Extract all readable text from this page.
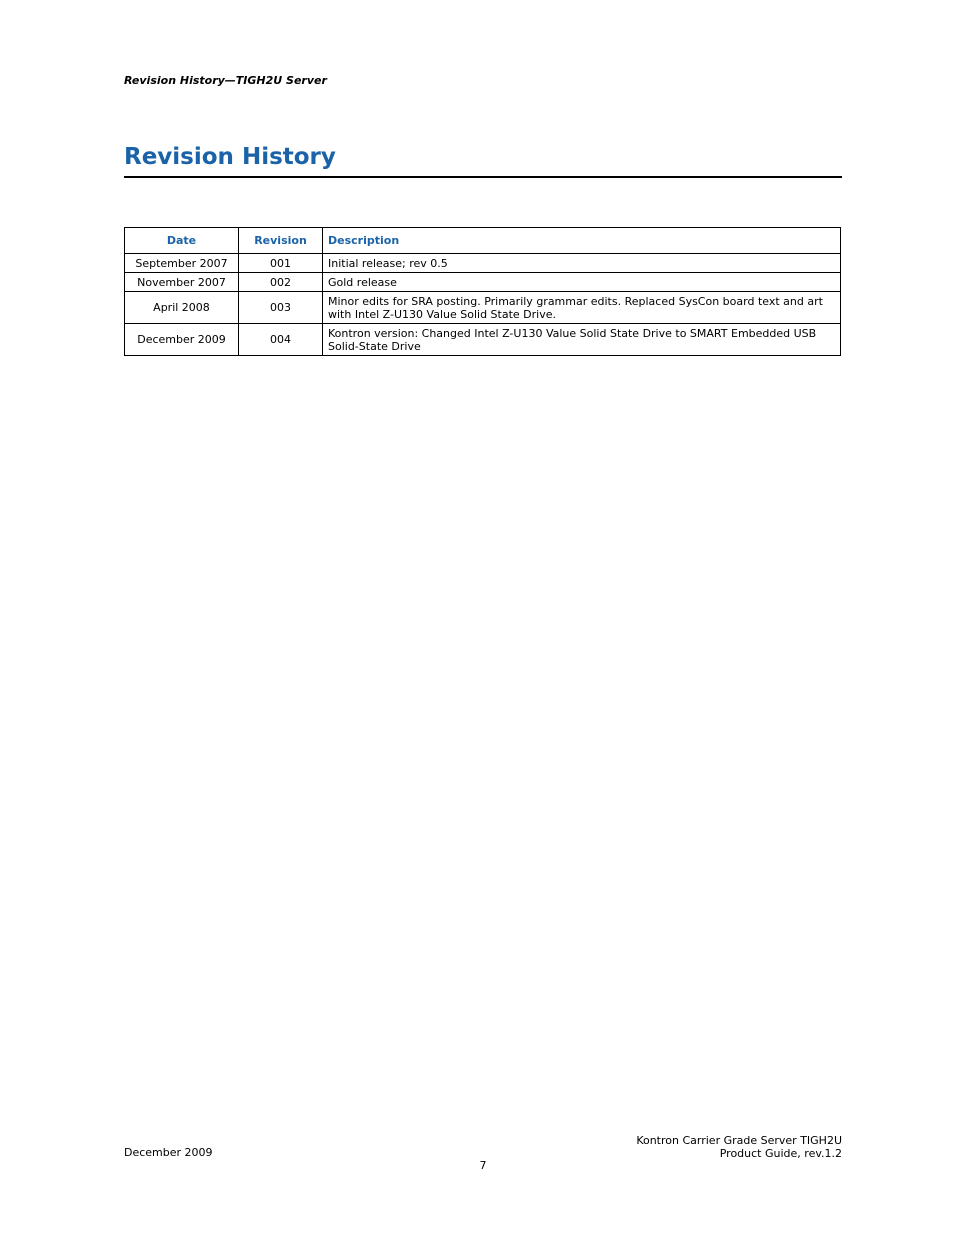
Revision History—TIGH2U Server
Revision History
Date	Revision	Description
September 2007	001	Initial release; rev 0.5
November 2007	002	Gold release
April 2008	003	Minor edits for SRA posting. Primarily grammar edits. Replaced SysCon board text and art with Intel Z-U130 Value Solid State Drive.
December 2009	004	Kontron version: Changed Intel Z-U130 Value Solid State Drive to SMART Embedded USB Solid-State Drive
December 2009
Kontron Carrier Grade Server TIGH2U
Product Guide, rev.1.2
7
